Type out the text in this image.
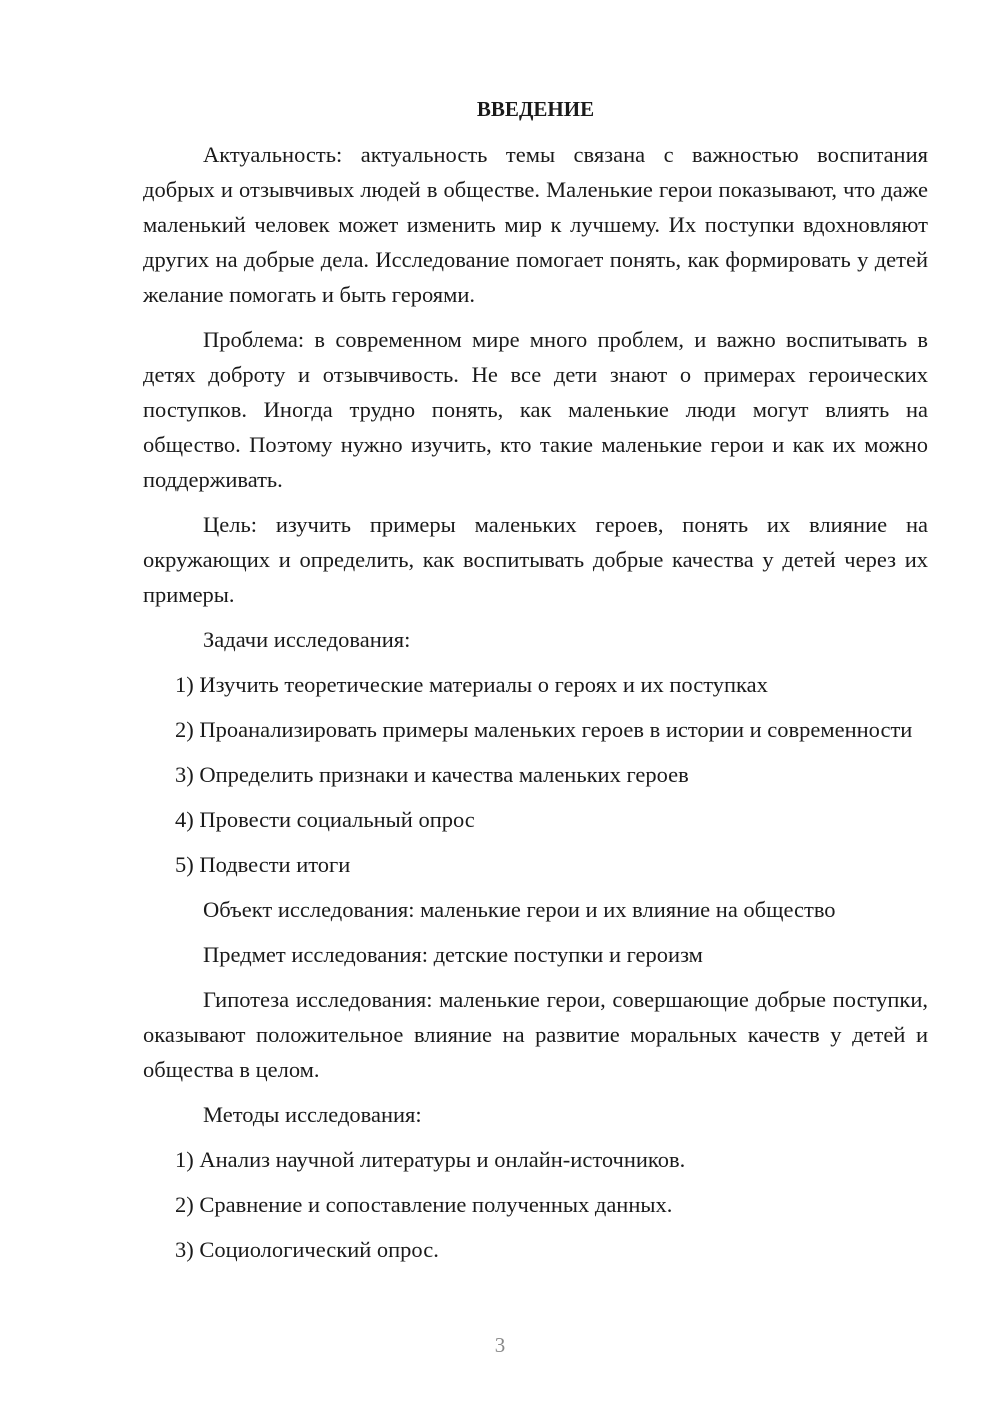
ВВЕДЕНИЕ

Актуальность: актуальность темы связана с важностью воспитания добрых и отзывчивых людей в обществе. Маленькие герои показывают, что даже маленький человек может изменить мир к лучшему. Их поступки вдохновляют других на добрые дела. Исследование помогает понять, как формировать у детей желание помогать и быть героями.

Проблема: в современном мире много проблем, и важно воспитывать в детях доброту и отзывчивость. Не все дети знают о примерах героических поступков. Иногда трудно понять, как маленькие люди могут влиять на общество. Поэтому нужно изучить, кто такие маленькие герои и как их можно поддерживать.

Цель: изучить примеры маленьких героев, понять их влияние на окружающих и определить, как воспитывать добрые качества у детей через их примеры.

Задачи исследования:

1) Изучить теоретические материалы о героях и их поступках

2) Проанализировать примеры маленьких героев в истории и современности

3) Определить признаки и качества маленьких героев

4) Провести социальный опрос

5) Подвести итоги

Объект исследования: маленькие герои и их влияние на общество

Предмет исследования: детские поступки и героизм

Гипотеза исследования: маленькие герои, совершающие добрые поступки, оказывают положительное влияние на развитие моральных качеств у детей и общества в целом.

Методы исследования:

1) Анализ научной литературы и онлайн-источников.

2) Сравнение и сопоставление полученных данных.

3) Социологический опрос.

3
